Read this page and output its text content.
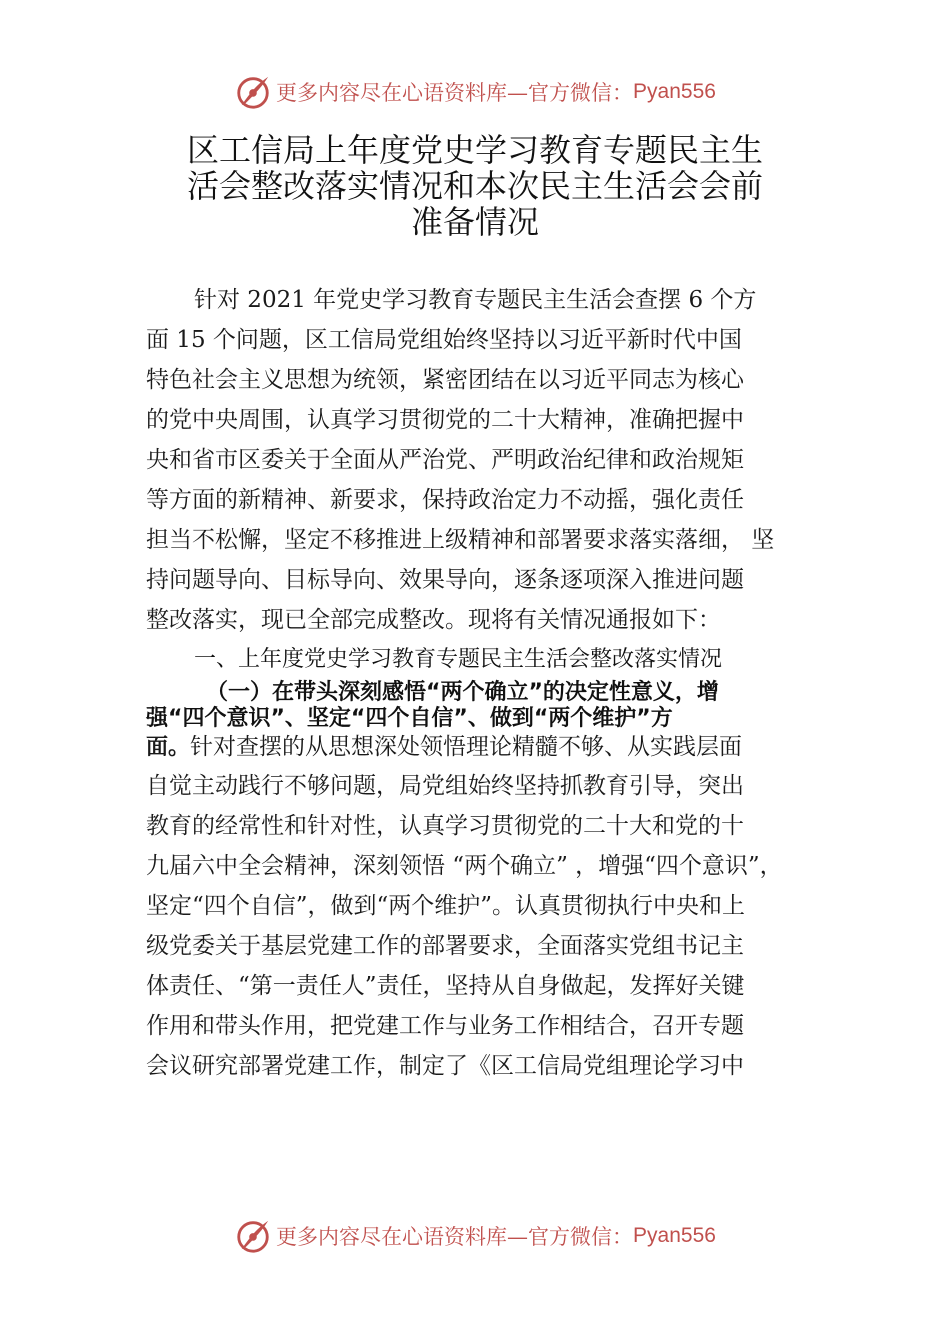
更多内容尽在心语资料库—官方微信： Pyan556
区工信局上年度党史学习教育专题民主生
活会整改落实情况和本次民主生活会会前
准备情况
针对 2021 年党史学习教育专题民主生活会查摆 6 个方
面 15 个问题，区工信局党组始终坚持以习近平新时代中国
特色社会主义思想为统领，紧密团结在以习近平同志为核心
的党中央周围，认真学习贯彻党的二十大精神，准确把握中
央和省市区委关于全面从严治党、严明政治纪律和政治规矩
等方面的新精神、新要求，保持政治定力不动摇，强化责任
担当不松懈，坚定不移推进上级精神和部署要求落实落细， 坚
持问题导向、目标导向、效果导向，逐条逐项深入推进问题
整改落实，现已全部完成整改。现将有关情况通报如下：
一、上年度党史学习教育专题民主生活会整改落实情况
（一）在带头深刻感悟“两个确立”的决定性意义，增
强“四个意识”、坚定“四个自信”、做到“两个维护”方
面。针对查摆的从思想深处领悟理论精髓不够、从实践层面
自觉主动践行不够问题，局党组始终坚持抓教育引导，突出
教育的经常性和针对性，认真学习贯彻党的二十大和党的十
九届六中全会精神，深刻领悟 “两个确立” ，增强“四个意识”，
坚定“四个自信”，做到“两个维护”。认真贯彻执行中央和上
级党委关于基层党建工作的部署要求，全面落实党组书记主
体责任、“第一责任人”责任，坚持从自身做起，发挥好关键
作用和带头作用，把党建工作与业务工作相结合，召开专题
会议研究部署党建工作，制定了《区工信局党组理论学习中
更多内容尽在心语资料库—官方微信： Pyan556
